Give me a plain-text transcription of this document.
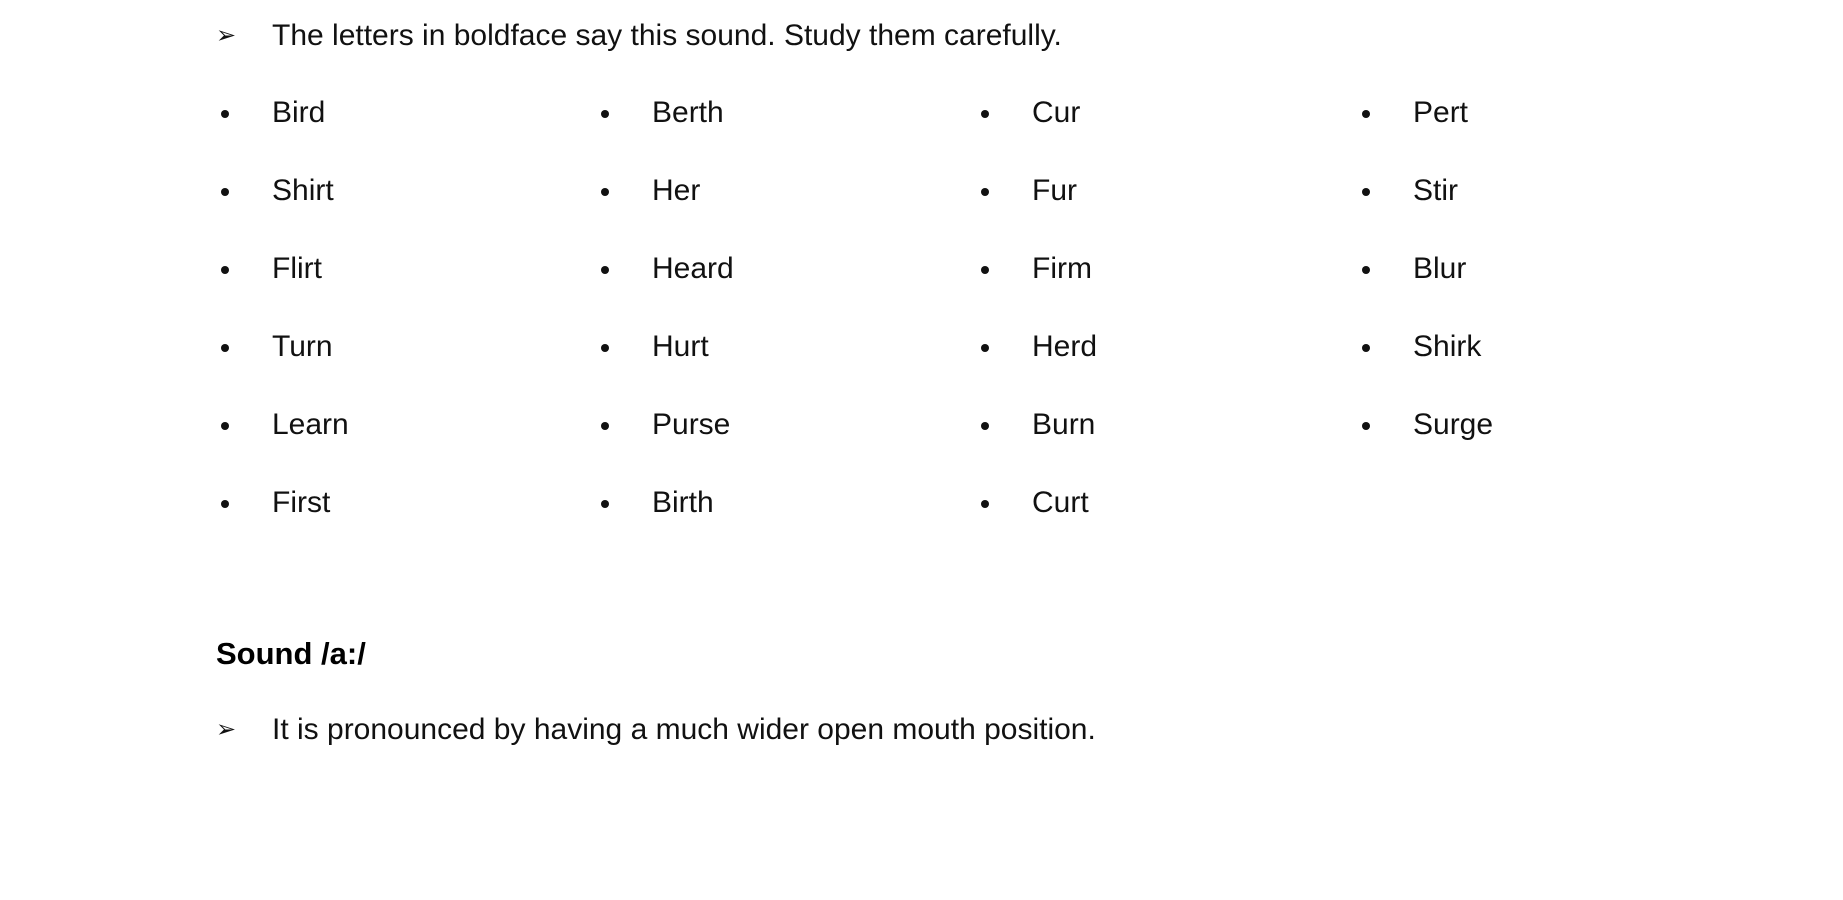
➢	The letters in boldface say this sound. Study them carefully.
Bird
Shirt
Flirt
Turn
Learn
First
Berth
Her
Heard
Hurt
Purse
Birth
Cur
Fur
Firm
Herd
Burn
Curt
Pert
Stir
Blur
Shirk
Surge
Sound /a:/
➢	It is pronounced by having a much wider open mouth position.
